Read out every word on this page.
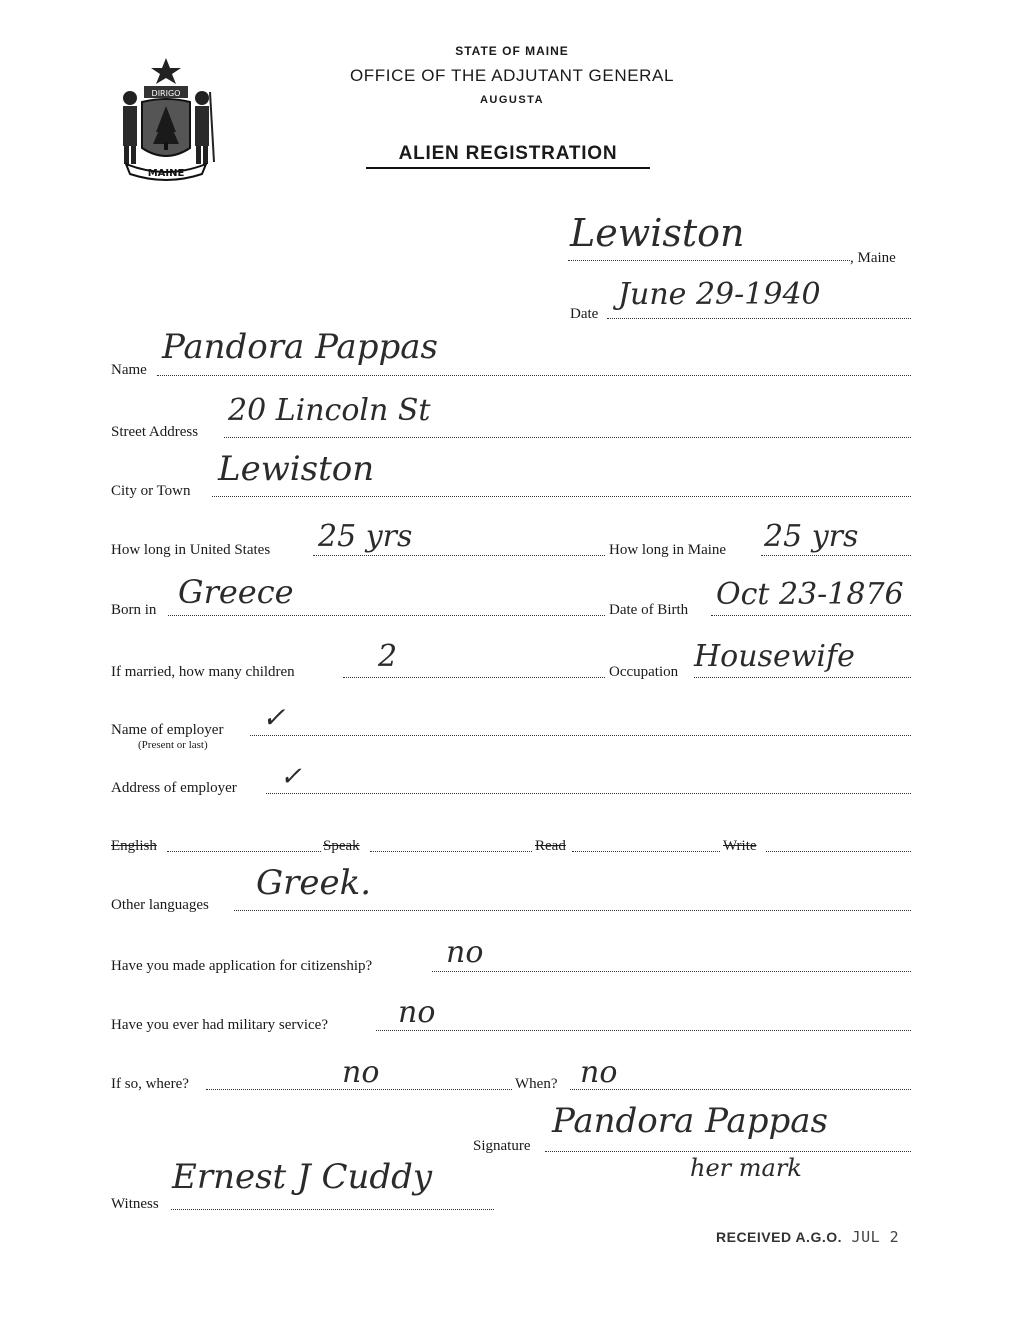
DIRIGO
MAINE
STATE OF MAINE
OFFICE OF THE ADJUTANT GENERAL
AUGUSTA
ALIEN REGISTRATION
Lewiston
, Maine
Date
June 29-1940
Name
Pandora Pappas
Street Address
20 Lincoln St
City or Town
Lewiston
How long in United States 25 yrs	How long in Maine 25 yrs
Born in Greece	Date of Birth Oct 23-1876
If married, how many children	2	Occupation Housewife
Name of employer
(Present or last)
✓
Address of employer ✓
English	Speak	Read	Write
Other languages
Greek.
Have you made application for citizenship? no
Have you ever had military service? no
If so, where?	no	When? no
Signature
Pandora Pappas
her mark
Witness
Ernest J Cuddy
RECEIVED A.G.O. JUL 2
